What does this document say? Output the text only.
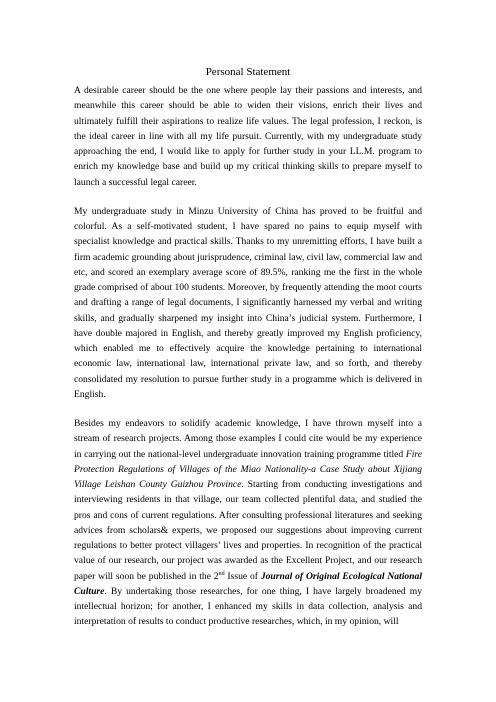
Personal Statement

A desirable career should be the one where people lay their passions and interests, and meanwhile this career should be able to widen their visions, enrich their lives and ultimately fulfill their aspirations to realize life values. The legal profession, I reckon, is the ideal career in line with all my life pursuit. Currently, with my undergraduate study approaching the end, I would like to apply for further study in your LL.M. program to enrich my knowledge base and build up my critical thinking skills to prepare myself to launch a successful legal career.

My undergraduate study in Minzu University of China has proved to be fruitful and colorful. As a self-motivated student, I have spared no pains to equip myself with specialist knowledge and practical skills. Thanks to my unremitting efforts, I have built a firm academic grounding about jurisprudence, criminal law, civil law, commercial law and etc, and scored an exemplary average score of 89.5%, ranking me the first in the whole grade comprised of about 100 students. Moreover, by frequently attending the moot courts and drafting a range of legal documents, I significantly harnessed my verbal and writing skills, and gradually sharpened my insight into China’s judicial system. Furthermore, I have double majored in English, and thereby greatly improved my English proficiency, which enabled me to effectively acquire the knowledge pertaining to international economic law, international law, international private law, and so forth, and thereby consolidated my resolution to pursue further study in a programme which is delivered in English.

Besides my endeavors to solidify academic knowledge, I have thrown myself into a stream of research projects. Among those examples I could cite would be my experience in carrying out the national-level undergraduate innovation training programme titled Fire Protection Regulations of Villages of the Miao Nationality-a Case Study about Xijiang Village Leishan County Guizhou Province. Starting from conducting investigations and interviewing residents in that village, our team collected plentiful data, and studied the pros and cons of current regulations. After consulting professional literatures and seeking advices from scholars& experts, we proposed our suggestions about improving current regulations to better protect villagers’ lives and properties. In recognition of the practical value of our research, our project was awarded as the Excellent Project, and our research paper will soon be published in the 2nd Issue of Journal of Original Ecological National Culture. By undertaking those researches, for one thing, I have largely broadened my intellectual horizon; for another, I enhanced my skills in data collection, analysis and interpretation of results to conduct productive researches, which, in my opinion, will
